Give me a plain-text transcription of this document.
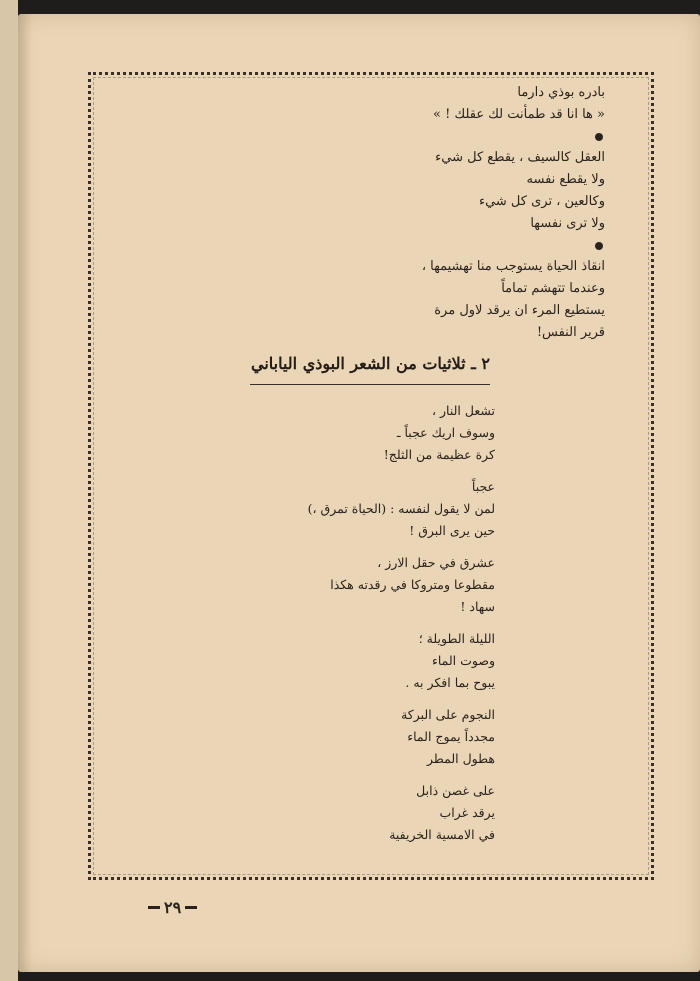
بادره بوذي دارما
« ها انا قد طمأنت لك عقلك ! »
العقل كالسيف ، يقطع كل شيء
ولا يقطع نفسه
وكالعين ، ترى كل شيء
ولا ترى نفسها
انقاذ الحياة يستوجب منا تهشيمها ،
وعندما تتهشم تماماً
يستطيع المرء ان يرقد لاول مرة
قرير النفس!
٢ ـ ثلاثيات من الشعر البوذي الياباني
تشعل النار ،
وسوف اريك عجباً ـ
كرة عظيمة من الثلج!
عجباً
لمن لا يقول لنفسه : (الحياة تمرق ،)
حين يرى البرق !
عشرق في حقل الارز ،
مقطوعا ومتروكا في رقدته هكذا
سهاد !
الليلة الطويلة ؛
وصوت الماء
يبوح بما افكر به .
النجوم على البركة
مجدداً يموج الماء
هطول المطر
على غصن ذابل
يرقد غراب
في الامسية الخريفية
٢٩
